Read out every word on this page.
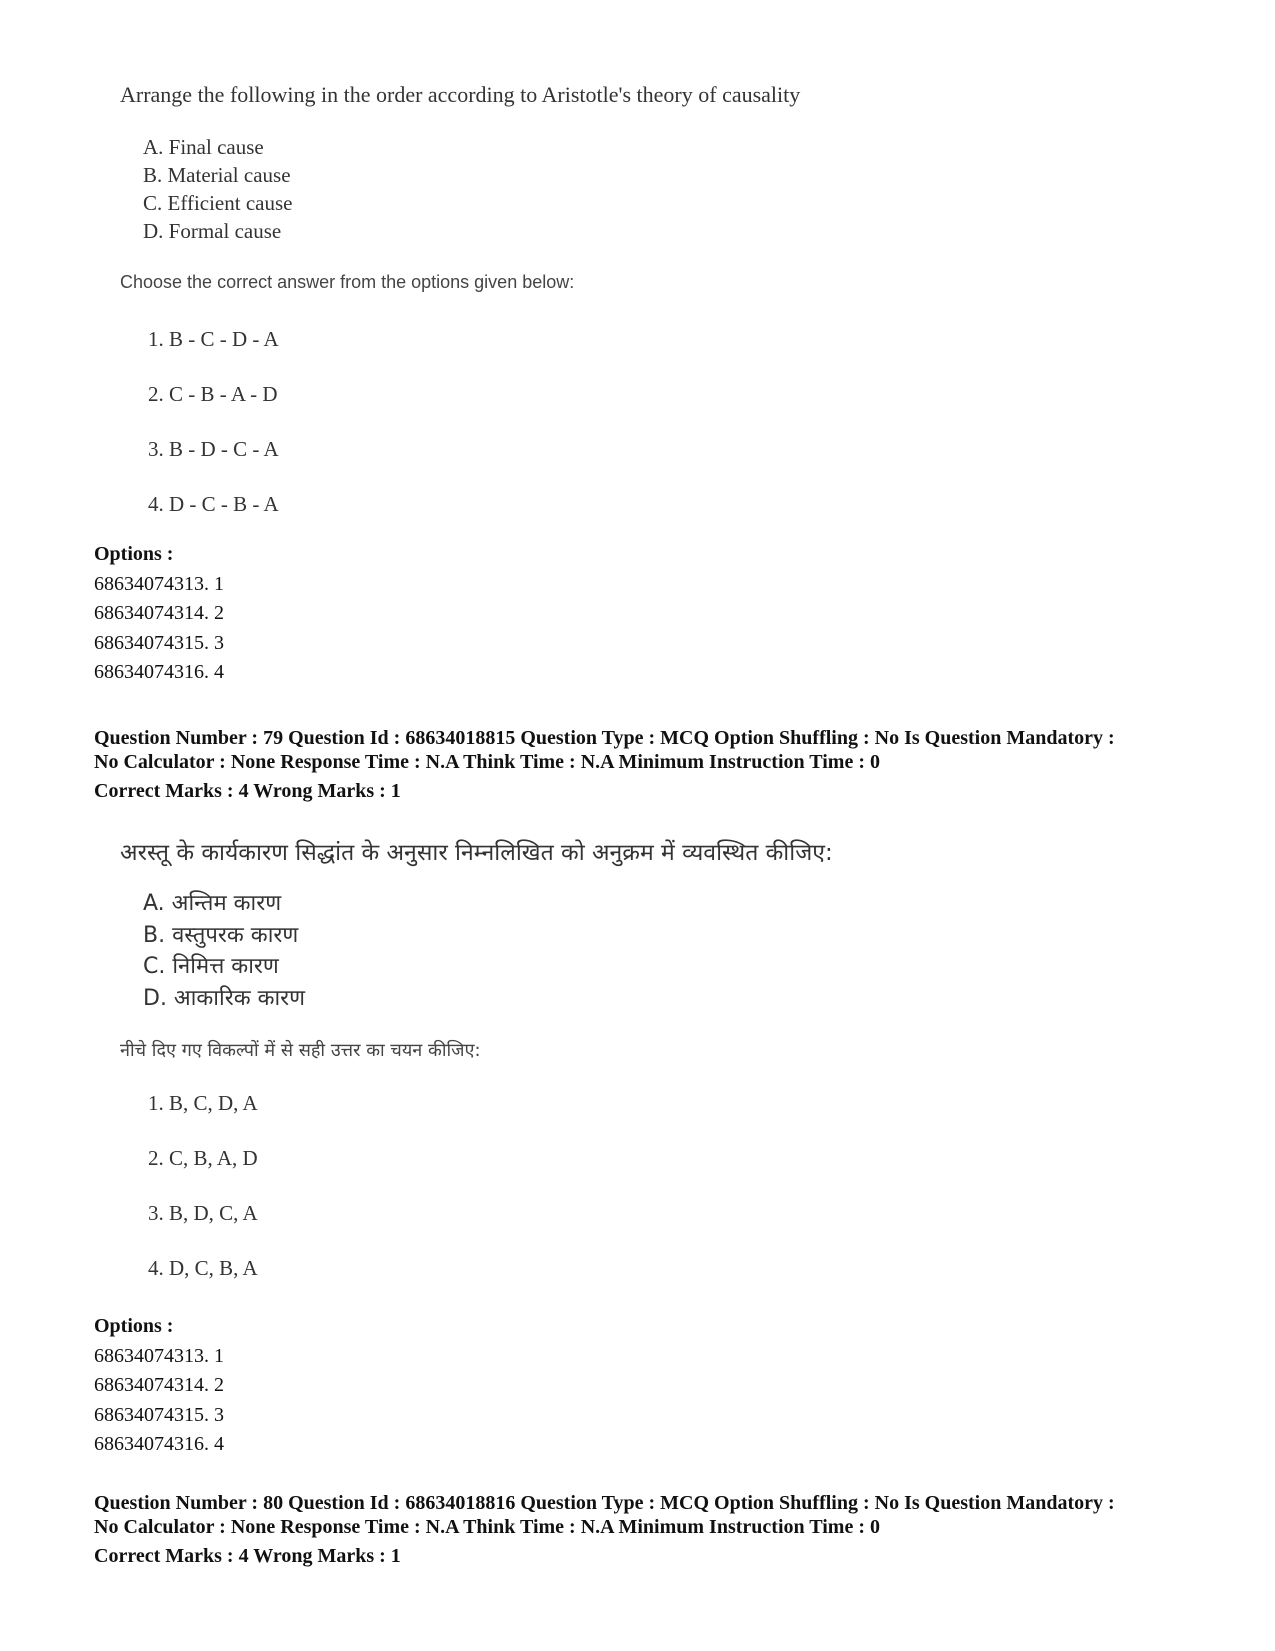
Arrange the following in the order according to Aristotle's theory of causality
A. Final cause
B. Material cause
C. Efficient cause
D. Formal cause
Choose the correct answer from the options given below:
1. B - C - D - A
2. C - B - A - D
3. B - D - C - A
4. D - C - B - A
Options :
68634074313. 1
68634074314. 2
68634074315. 3
68634074316. 4
Question Number : 79 Question Id : 68634018815 Question Type : MCQ Option Shuffling : No Is Question Mandatory :
No Calculator : None Response Time : N.A Think Time : N.A Minimum Instruction Time : 0
Correct Marks : 4 Wrong Marks : 1
अरस्तू के कार्यकारण सिद्धांत के अनुसार निम्नलिखित को अनुक्रम में व्यवस्थित कीजिए:
A. अन्तिम कारण
B. वस्तुपरक कारण
C. निमित्त कारण
D. आकारिक कारण
नीचे दिए गए विकल्पों में से सही उत्तर का चयन कीजिए:
1. B, C, D, A
2. C, B, A, D
3. B, D, C, A
4. D, C, B, A
Options :
68634074313. 1
68634074314. 2
68634074315. 3
68634074316. 4
Question Number : 80 Question Id : 68634018816 Question Type : MCQ Option Shuffling : No Is Question Mandatory :
No Calculator : None Response Time : N.A Think Time : N.A Minimum Instruction Time : 0
Correct Marks : 4 Wrong Marks : 1
